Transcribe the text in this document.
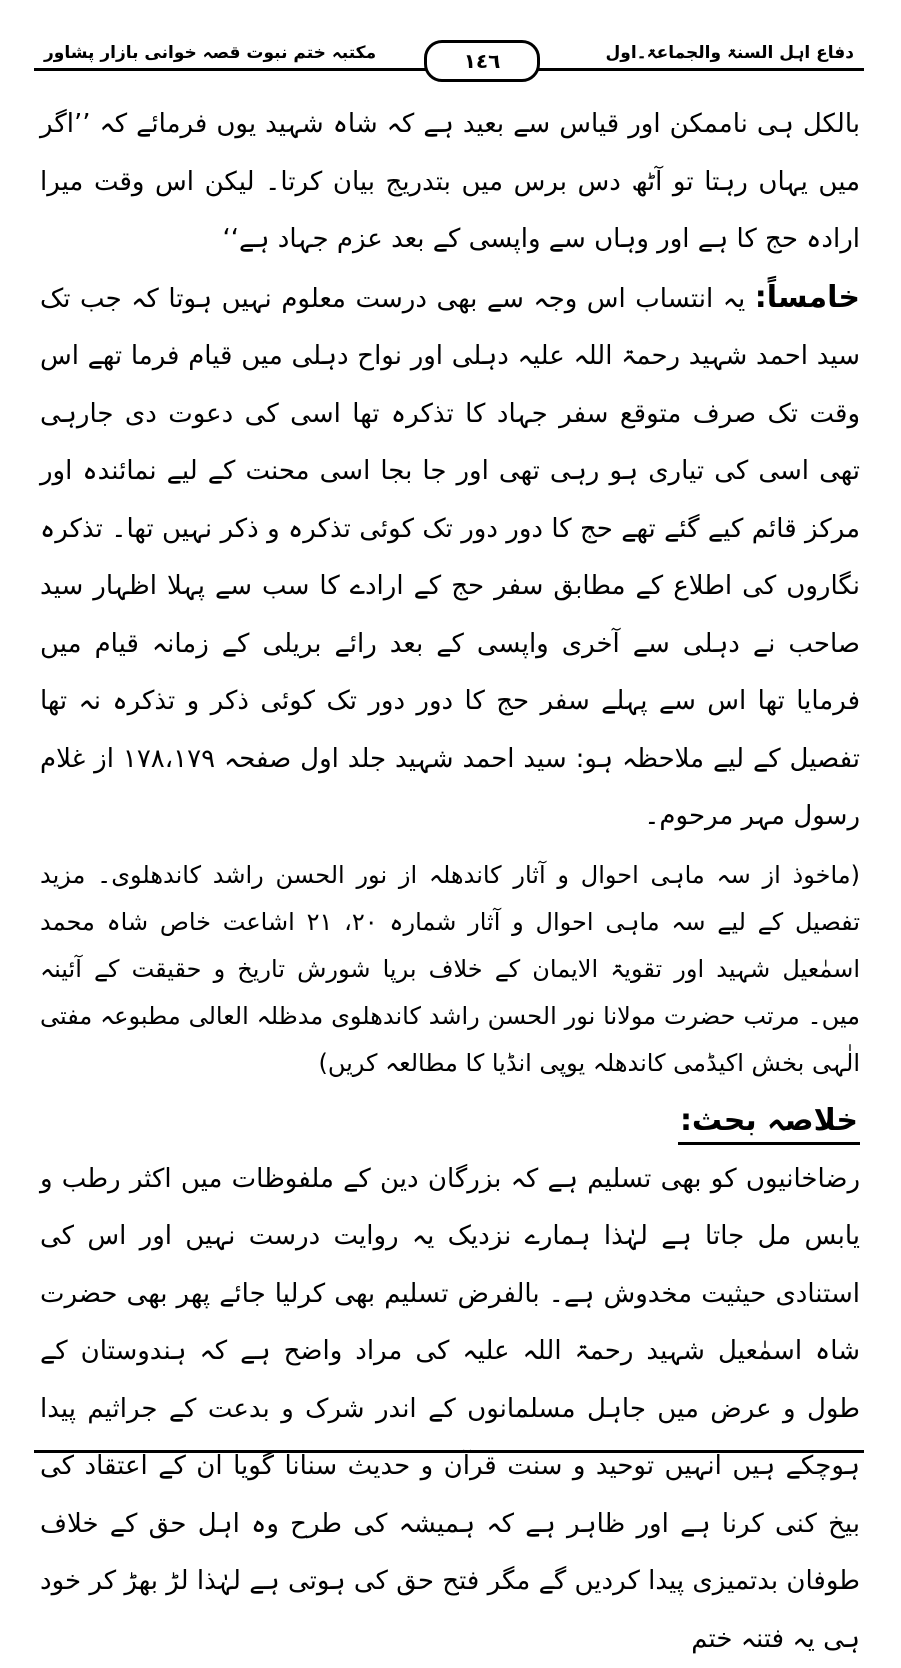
مکتبہ ختم نبوت قصہ خوانی بازار پشاور	١٤٦	دفاع اہل السنۃ والجماعۃ۔اول

بالکل ہی ناممکن اور قیاس سے بعید ہے کہ شاہ شہید یوں فرمائے کہ ’’اگر میں یہاں رہتا تو آٹھ دس برس میں بتدریج بیان کرتا۔ لیکن اس وقت میرا ارادہ حج کا ہے اور وہاں سے واپسی کے بعد عزم جہاد ہے‘‘

خامساً: یہ انتساب اس وجہ سے بھی درست معلوم نہیں ہوتا کہ جب تک سید احمد شہید رحمۃ اللہ علیہ دہلی اور نواح دہلی میں قیام فرما تھے اس وقت تک صرف متوقع سفر جہاد کا تذکرہ تھا اسی کی دعوت دی جارہی تھی اسی کی تیاری ہو رہی تھی اور جا بجا اسی محنت کے لیے نمائندہ اور مرکز قائم کیے گئے تھے حج کا دور دور تک کوئی تذکرہ و ذکر نہیں تھا۔ تذکرہ نگاروں کی اطلاع کے مطابق سفر حج کے ارادے کا سب سے پہلا اظہار سید صاحب نے دہلی سے آخری واپسی کے بعد رائے بریلی کے زمانہ قیام میں فرمایا تھا اس سے پہلے سفر حج کا دور دور تک کوئی ذکر و تذکرہ نہ تھا تفصیل کے لیے ملاحظہ ہو: سید احمد شہید جلد اول صفحہ ۱۷۸،۱۷۹ از غلام رسول مہر مرحوم۔

(ماخوذ از سہ ماہی احوال و آثار کاندھلہ از نور الحسن راشد کاندھلوی۔ مزید تفصیل کے لیے سہ ماہی احوال و آثار شمارہ ۲۰، ۲۱ اشاعت خاص شاہ محمد اسمٰعیل شہید اور تقویۃ الایمان کے خلاف برپا شورش تاریخ و حقیقت کے آئینہ میں۔ مرتب حضرت مولانا نور الحسن راشد کاندھلوی مدظلہ العالی مطبوعہ مفتی الٰہی بخش اکیڈمی کاندھلہ یوپی انڈیا کا مطالعہ کریں)

خلاصہ بحث:

رضاخانیوں کو بھی تسلیم ہے کہ بزرگان دین کے ملفوظات میں اکثر رطب و یابس مل جاتا ہے لہٰذا ہمارے نزدیک یہ روایت درست نہیں اور اس کی استنادی حیثیت مخدوش ہے۔ بالفرض تسلیم بھی کرلیا جائے پھر بھی حضرت شاہ اسمٰعیل شہید رحمۃ اللہ علیہ کی مراد واضح ہے کہ ہندوستان کے طول و عرض میں جاہل مسلمانوں کے اندر شرک و بدعت کے جراثیم پیدا ہوچکے ہیں انہیں توحید و سنت قرآن و حدیث سنانا گویا ان کے اعتقاد کی بیخ کنی کرنا ہے اور ظاہر ہے کہ ہمیشہ کی طرح وہ اہل حق کے خلاف طوفان بدتمیزی پیدا کردیں گے مگر فتح حق کی ہوتی ہے لہٰذا لڑ بھڑ کر خود ہی یہ فتنہ ختم
